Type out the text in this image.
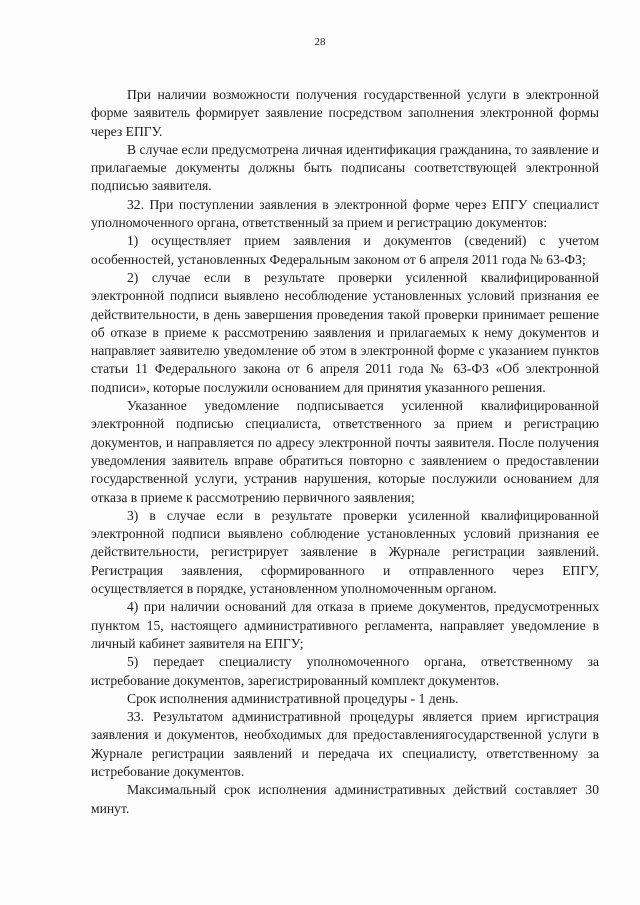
28

При наличии возможности получения государственной услуги в электронной форме заявитель формирует заявление посредством заполнения электронной формы через ЕПГУ.

В случае если предусмотрена личная идентификация гражданина, то заявление и прилагаемые документы должны быть подписаны соответствующей электронной подписью заявителя.

32. При поступлении заявления в электронной форме через ЕПГУ специалист уполномоченного органа, ответственный за прием и регистрацию документов:

1) осуществляет прием заявления и документов (сведений) с учетом особенностей, установленных Федеральным законом от 6 апреля 2011 года № 63-ФЗ;

2) случае если в результате проверки усиленной квалифицированной электронной подписи выявлено несоблюдение установленных условий признания ее действительности, в день завершения проведения такой проверки принимает решение об отказе в приеме к рассмотрению заявления и прилагаемых к нему документов и направляет заявителю уведомление об этом в электронной форме с указанием пунктов статьи 11 Федерального закона от 6 апреля 2011 года № 63-ФЗ «Об электронной подписи», которые послужили основанием для принятия указанного решения.

Указанное уведомление подписывается усиленной квалифицированной электронной подписью специалиста, ответственного за прием и регистрацию документов, и направляется по адресу электронной почты заявителя. После получения уведомления заявитель вправе обратиться повторно с заявлением о предоставлении государственной услуги, устранив нарушения, которые послужили основанием для отказа в приеме к рассмотрению первичного заявления;

3) в случае если в результате проверки усиленной квалифицированной электронной подписи выявлено соблюдение установленных условий признания ее действительности, регистрирует заявление в Журнале регистрации заявлений. Регистрация заявления, сформированного и отправленного через ЕПГУ, осуществляется в порядке, установленном уполномоченным органом.

4) при наличии оснований для отказа в приеме документов, предусмотренных пунктом 15, настоящего административного регламента, направляет уведомление в личный кабинет заявителя на ЕПГУ;

5) передает специалисту уполномоченного органа, ответственному за истребование документов, зарегистрированный комплект документов.

Срок исполнения административной процедуры - 1 день.

33. Результатом административной процедуры является прием иргистрация заявления и документов, необходимых для предоставлениягосударственной услуги в Журнале регистрации заявлений и передача их специалисту, ответственному за истребование документов.

Максимальный срок исполнения административных действий составляет 30 минут.
